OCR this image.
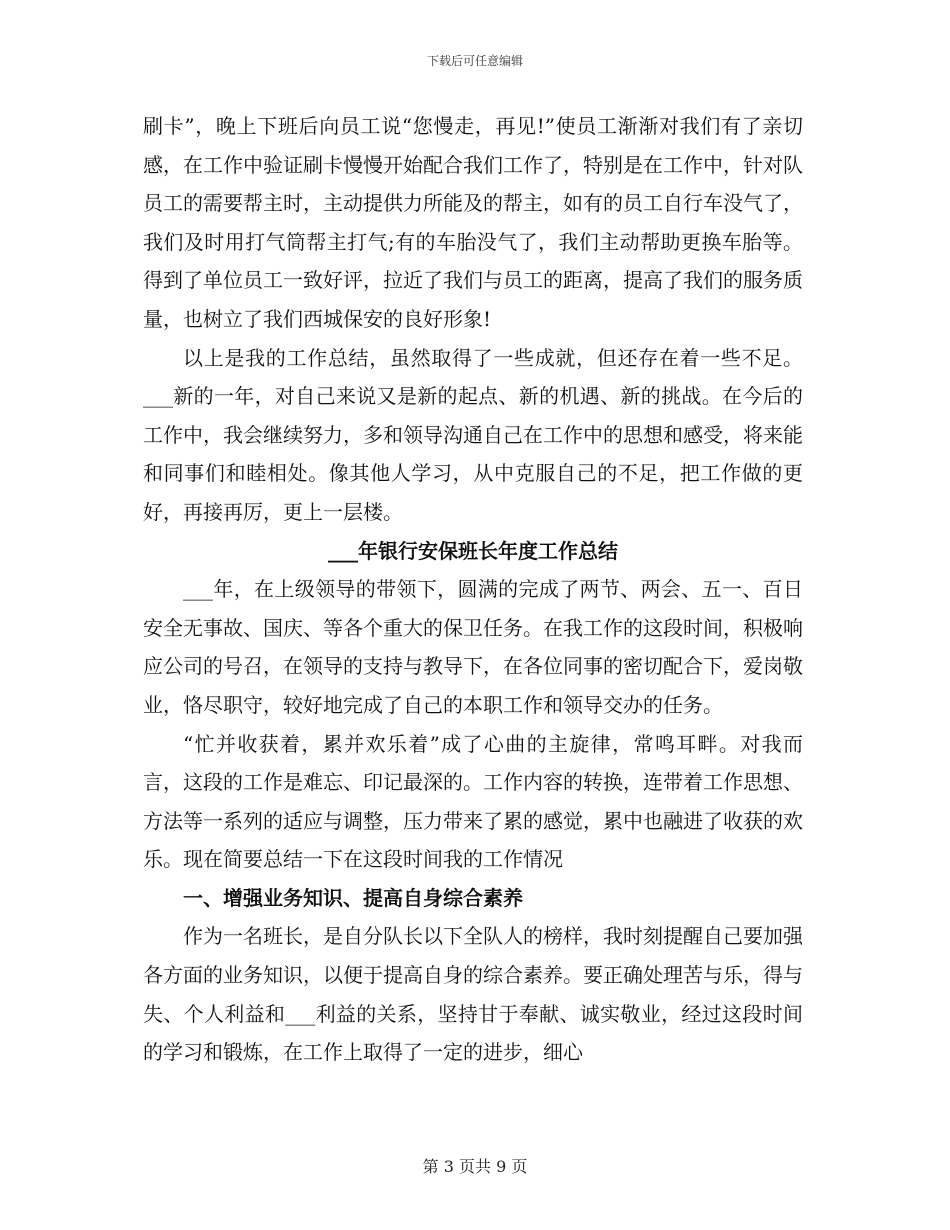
下载后可任意编辑

刷卡”，晚上下班后向员工说“您慢走，再见!”使员工渐渐对我们有了亲切感，在工作中验证刷卡慢慢开始配合我们工作了，特别是在工作中，针对队员工的需要帮主时，主动提供力所能及的帮主，如有的员工自行车没气了，我们及时用打气筒帮主打气;有的车胎没气了，我们主动帮助更换车胎等。得到了单位员工一致好评，拉近了我们与员工的距离，提高了我们的服务质量，也树立了我们西城保安的良好形象!

以上是我的工作总结，虽然取得了一些成就，但还存在着一些不足。___新的一年，对自己来说又是新的起点、新的机遇、新的挑战。在今后的工作中，我会继续努力，多和领导沟通自己在工作中的思想和感受，将来能和同事们和睦相处。像其他人学习，从中克服自己的不足，把工作做的更好，再接再厉，更上一层楼。

___年银行安保班长年度工作总结

___年，在上级领导的带领下，圆满的完成了两节、两会、五一、百日安全无事故、国庆、等各个重大的保卫任务。在我工作的这段时间，积极响应公司的号召，在领导的支持与教导下，在各位同事的密切配合下，爱岗敬业，恪尽职守，较好地完成了自己的本职工作和领导交办的任务。

“忙并收获着，累并欢乐着”成了心曲的主旋律，常鸣耳畔。对我而言，这段的工作是难忘、印记最深的。工作内容的转换，连带着工作思想、方法等一系列的适应与调整，压力带来了累的感觉，累中也融进了收获的欢乐。现在简要总结一下在这段时间我的工作情况

一、增强业务知识、提高自身综合素养

作为一名班长，是自分队长以下全队人的榜样，我时刻提醒自己要加强各方面的业务知识，以便于提高自身的综合素养。要正确处理苦与乐，得与失、个人利益和___利益的关系，坚持甘于奉献、诚实敬业，经过这段时间的学习和锻炼，在工作上取得了一定的进步，细心

第 3 页共 9 页
